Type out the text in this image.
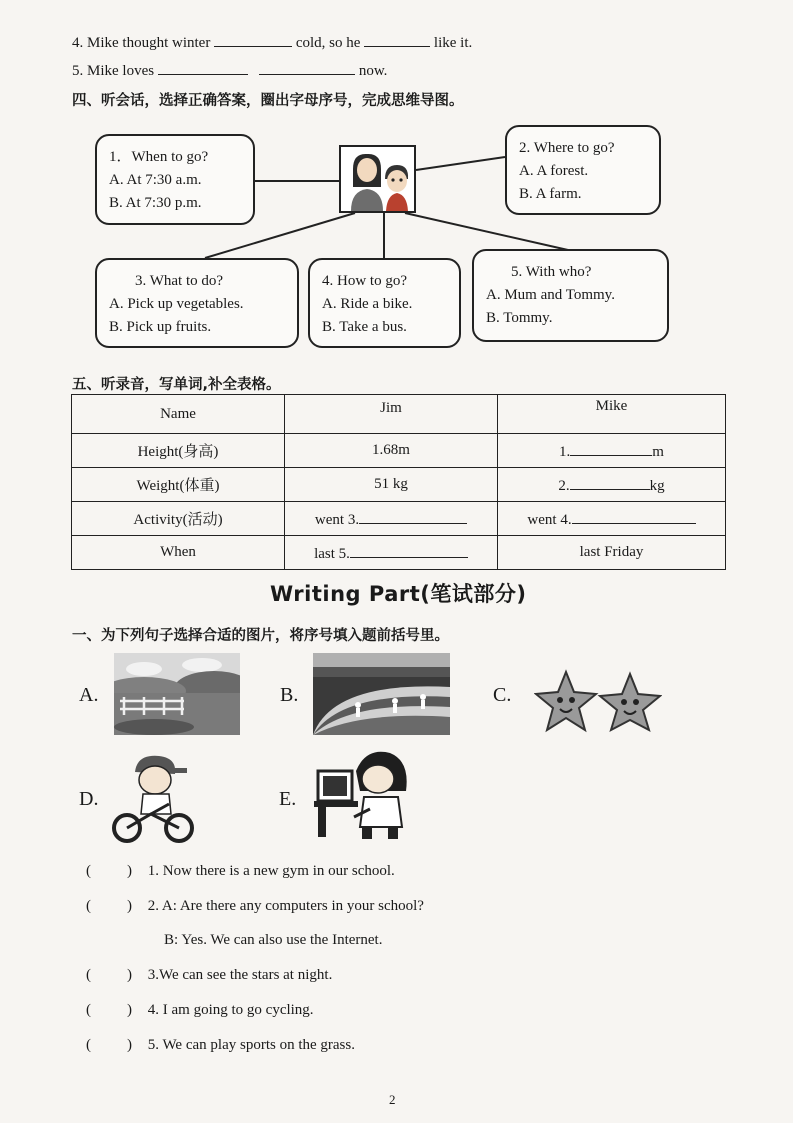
4. Mike thought winter	cold, so he	like it.
5. Mike loves	now.
四、听会话，选择正确答案，圈出字母序号，完成思维导图。
1．When to go?
A. At 7:30 a.m.
B. At 7:30 p.m.
2. Where to go?
A. A forest.
B. A farm.
3. What to do?
A. Pick up vegetables.
B. Pick up fruits.
4. How to go?
A. Ride a bike.
B. Take a bus.
5. With who?
A. Mum and Tommy.
B. Tommy.
五、听录音，写单词,补全表格。
Name	Jim	Mike
Height(身高)	1.68m	1. m
Weight(体重)	51 kg	2. kg
Activity(活动)	went 3.	went 4.
When	last 5.	last Friday
Writing Part(笔试部分)
一、为下列句子选择合适的图片，将序号填入题前括号里。
A.	B.	C.
D.	E.
( ) 1. Now there is a new gym in our school.
( ) 2. A: Are there any computers in your school?
B: Yes. We can also use the Internet.
( ) 3.We can see the stars at night.
( ) 4. I am going to go cycling.
( ) 5. We can play sports on the grass.
2
